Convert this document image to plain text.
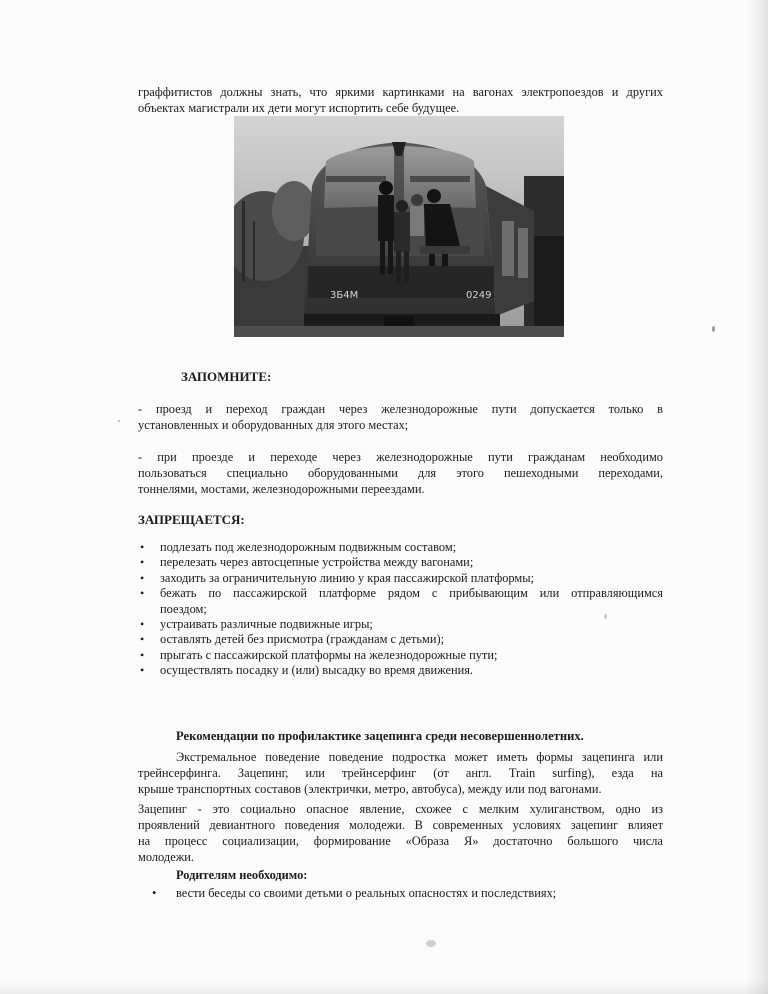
граффитистов должны знать, что яркими картинками на вагонах электропоездов и других
объектах магистрали их дети могут испортить себе будущее.
3Б4М	0249
ЗАПОМНИТЕ:
- проезд и переход граждан через железнодорожные пути допускается только в
установленных и оборудованных для этого местах;
- при проезде и переходе через железнодорожные пути гражданам необходимо
пользоваться специально оборудованными для этого пешеходными переходами,
тоннелями, мостами, железнодорожными переездами.
ЗАПРЕЩАЕТСЯ:
• подлезать под железнодорожным подвижным составом;
• перелезать через автосцепные устройства между вагонами;
• заходить за ограничительную линию у края пассажирской платформы;
• бежать по пассажирской платформе рядом с прибывающим или отправляющимся
поездом;
• устраивать различные подвижные игры;
• оставлять детей без присмотра (гражданам с детьми);
• прыгать с пассажирской платформы на железнодорожные пути;
• осуществлять посадку и (или) высадку во время движения.
Рекомендации по профилактике зацепинга среди несовершеннолетних.
Экстремальное поведение поведение подростка может иметь формы зацепинга или
трейнсерфинга. Зацепинг, или трейнсерфинг (от англ. Train surfing), езда на
крыше транспортных составов (электрички, метро, автобуса), между или под вагонами.
Зацепинг - это социально опасное явление, схожее с мелким хулиганством, одно из
проявлений девиантного поведения молодежи. В современных условиях зацепинг влияет
на процесс социализации, формирование «Образа Я» достаточно большого числа
молодежи.
Родителям необходимо:
•	вести беседы со своими детьми о реальных опасностях и последствиях;
